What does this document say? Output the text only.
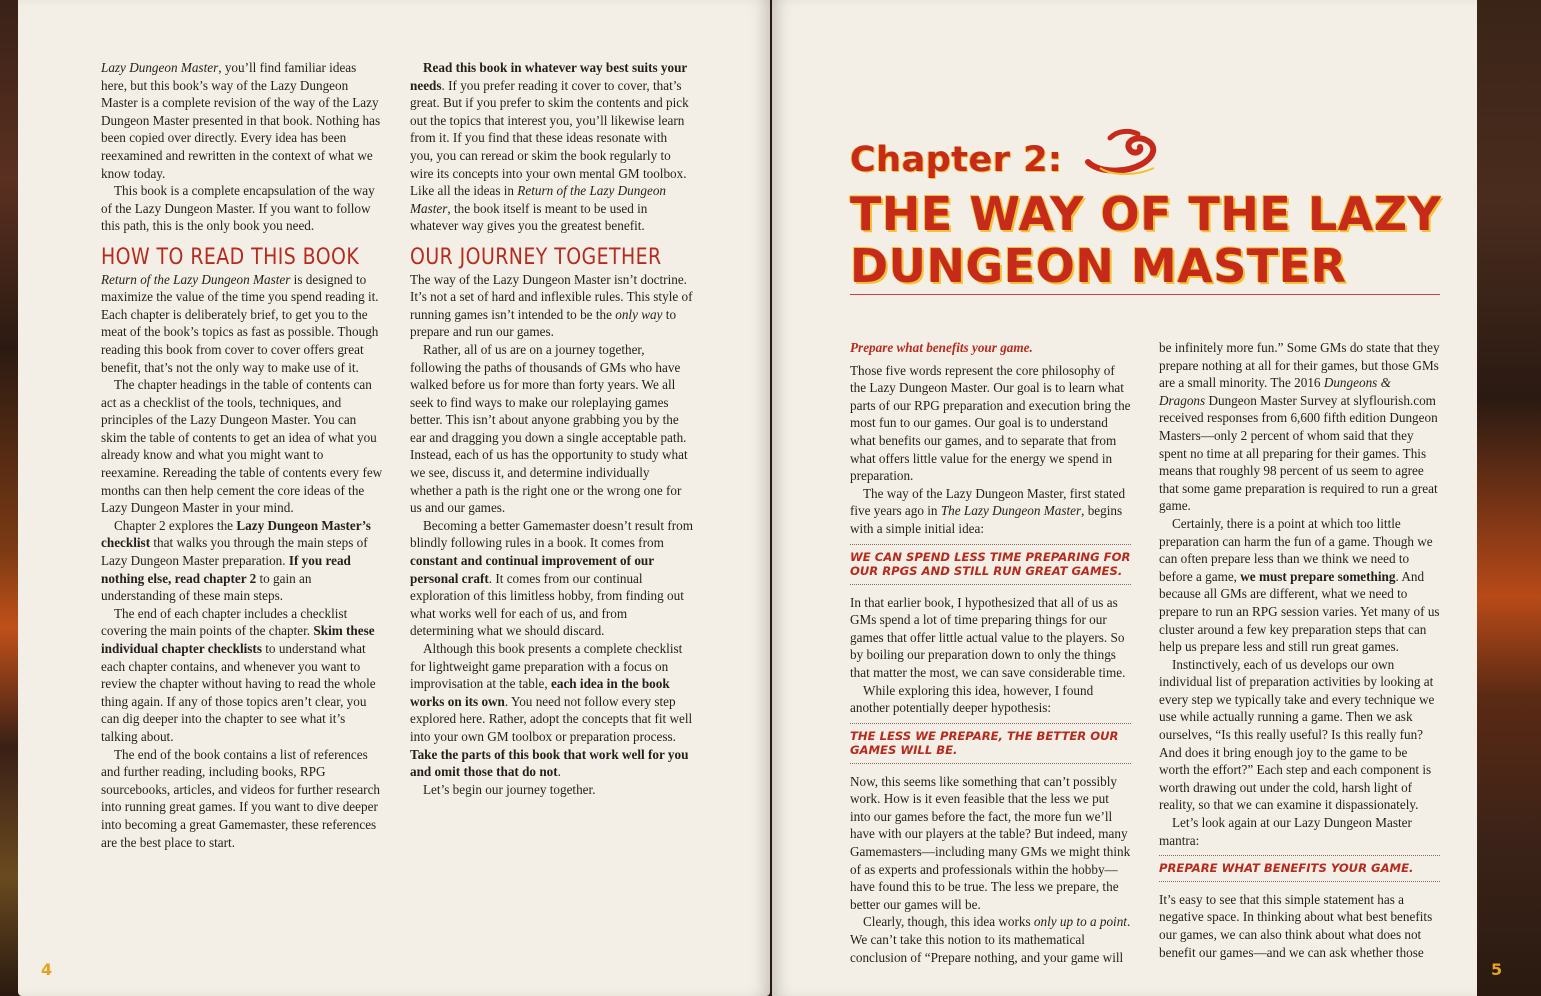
Lazy Dungeon Master, you’ll find familiar ideas here, but this book’s way of the Lazy Dungeon Master is a complete revision of the way of the Lazy Dungeon Master presented in that book. Nothing has been copied over directly. Every idea has been reexamined and rewritten in the context of what we know today.

This book is a complete encapsulation of the way of the Lazy Dungeon Master. If you want to follow this path, this is the only book you need.

HOW TO READ THIS BOOK

Return of the Lazy Dungeon Master is designed to maximize the value of the time you spend reading it. Each chapter is deliberately brief, to get you to the meat of the book’s topics as fast as possible. Though reading this book from cover to cover offers great benefit, that’s not the only way to make use of it.

The chapter headings in the table of contents can act as a checklist of the tools, techniques, and principles of the Lazy Dungeon Master. You can skim the table of contents to get an idea of what you already know and what you might want to reexamine. Rereading the table of contents every few months can then help cement the core ideas of the Lazy Dungeon Master in your mind.

Chapter 2 explores the Lazy Dungeon Master’s checklist that walks you through the main steps of Lazy Dungeon Master preparation. If you read nothing else, read chapter 2 to gain an understanding of these main steps.

The end of each chapter includes a checklist covering the main points of the chapter. Skim these individual chapter checklists to understand what each chapter contains, and whenever you want to review the chapter without having to read the whole thing again. If any of those topics aren’t clear, you can dig deeper into the chapter to see what it’s talking about.

The end of the book contains a list of references and further reading, including books, RPG sourcebooks, articles, and videos for further research into running great games. If you want to dive deeper into becoming a great Gamemaster, these references are the best place to start.

Read this book in whatever way best suits your needs. If you prefer reading it cover to cover, that’s great. But if you prefer to skim the contents and pick out the topics that interest you, you’ll likewise learn from it. If you find that these ideas resonate with you, you can reread or skim the book regularly to wire its concepts into your own mental GM toolbox. Like all the ideas in Return of the Lazy Dungeon Master, the book itself is meant to be used in whatever way gives you the greatest benefit.

OUR JOURNEY TOGETHER

The way of the Lazy Dungeon Master isn’t doctrine. It’s not a set of hard and inflexible rules. This style of running games isn’t intended to be the only way to prepare and run our games.

Rather, all of us are on a journey together, following the paths of thousands of GMs who have walked before us for more than forty years. We all seek to find ways to make our roleplaying games better. This isn’t about anyone grabbing you by the ear and dragging you down a single acceptable path. Instead, each of us has the opportunity to study what we see, discuss it, and determine individually whether a path is the right one or the wrong one for us and our games.

Becoming a better Gamemaster doesn’t result from blindly following rules in a book. It comes from constant and continual improvement of our personal craft. It comes from our continual exploration of this limitless hobby, from finding out what works well for each of us, and from determining what we should discard.

Although this book presents a complete checklist for lightweight game preparation with a focus on improvisation at the table, each idea in the book works on its own. You need not follow every step explored here. Rather, adopt the concepts that fit well into your own GM toolbox or preparation process. Take the parts of this book that work well for you and omit those that do not.

Let’s begin our journey together.

4
Chapter 2:
THE WAY OF THE LAZY
DUNGEON MASTER

Prepare what benefits your game.

Those five words represent the core philosophy of the Lazy Dungeon Master. Our goal is to learn what parts of our RPG preparation and execution bring the most fun to our games. Our goal is to understand what benefits our games, and to separate that from what offers little value for the energy we spend in preparation.

The way of the Lazy Dungeon Master, first stated five years ago in The Lazy Dungeon Master, begins with a simple initial idea:

WE CAN SPEND LESS TIME PREPARING FOR OUR RPGS AND STILL RUN GREAT GAMES.

In that earlier book, I hypothesized that all of us as GMs spend a lot of time preparing things for our games that offer little actual value to the players. So by boiling our preparation down to only the things that matter the most, we can save considerable time.

While exploring this idea, however, I found another potentially deeper hypothesis:

THE LESS WE PREPARE, THE BETTER OUR GAMES WILL BE.

Now, this seems like something that can’t possibly work. How is it even feasible that the less we put into our games before the fact, the more fun we’ll have with our players at the table? But indeed, many Gamemasters—including many GMs we might think of as experts and professionals within the hobby—have found this to be true. The less we prepare, the better our games will be.

Clearly, though, this idea works only up to a point. We can’t take this notion to its mathematical conclusion of “Prepare nothing, and your game will

be infinitely more fun.” Some GMs do state that they prepare nothing at all for their games, but those GMs are a small minority. The 2016 Dungeons & Dragons Dungeon Master Survey at slyflourish.com received responses from 6,600 fifth edition Dungeon Masters—only 2 percent of whom said that they spent no time at all preparing for their games. This means that roughly 98 percent of us seem to agree that some game preparation is required to run a great game.

Certainly, there is a point at which too little preparation can harm the fun of a game. Though we can often prepare less than we think we need to before a game, we must prepare something. And because all GMs are different, what we need to prepare to run an RPG session varies. Yet many of us cluster around a few key preparation steps that can help us prepare less and still run great games.

Instinctively, each of us develops our own individual list of preparation activities by looking at every step we typically take and every technique we use while actually running a game. Then we ask ourselves, “Is this really useful? Is this really fun? And does it bring enough joy to the game to be worth the effort?” Each step and each component is worth drawing out under the cold, harsh light of reality, so that we can examine it dispassionately.

Let’s look again at our Lazy Dungeon Master mantra:

PREPARE WHAT BENEFITS YOUR GAME.

It’s easy to see that this simple statement has a negative space. In thinking about what best benefits our games, we can also think about what does not benefit our games—and we can ask whether those

5
